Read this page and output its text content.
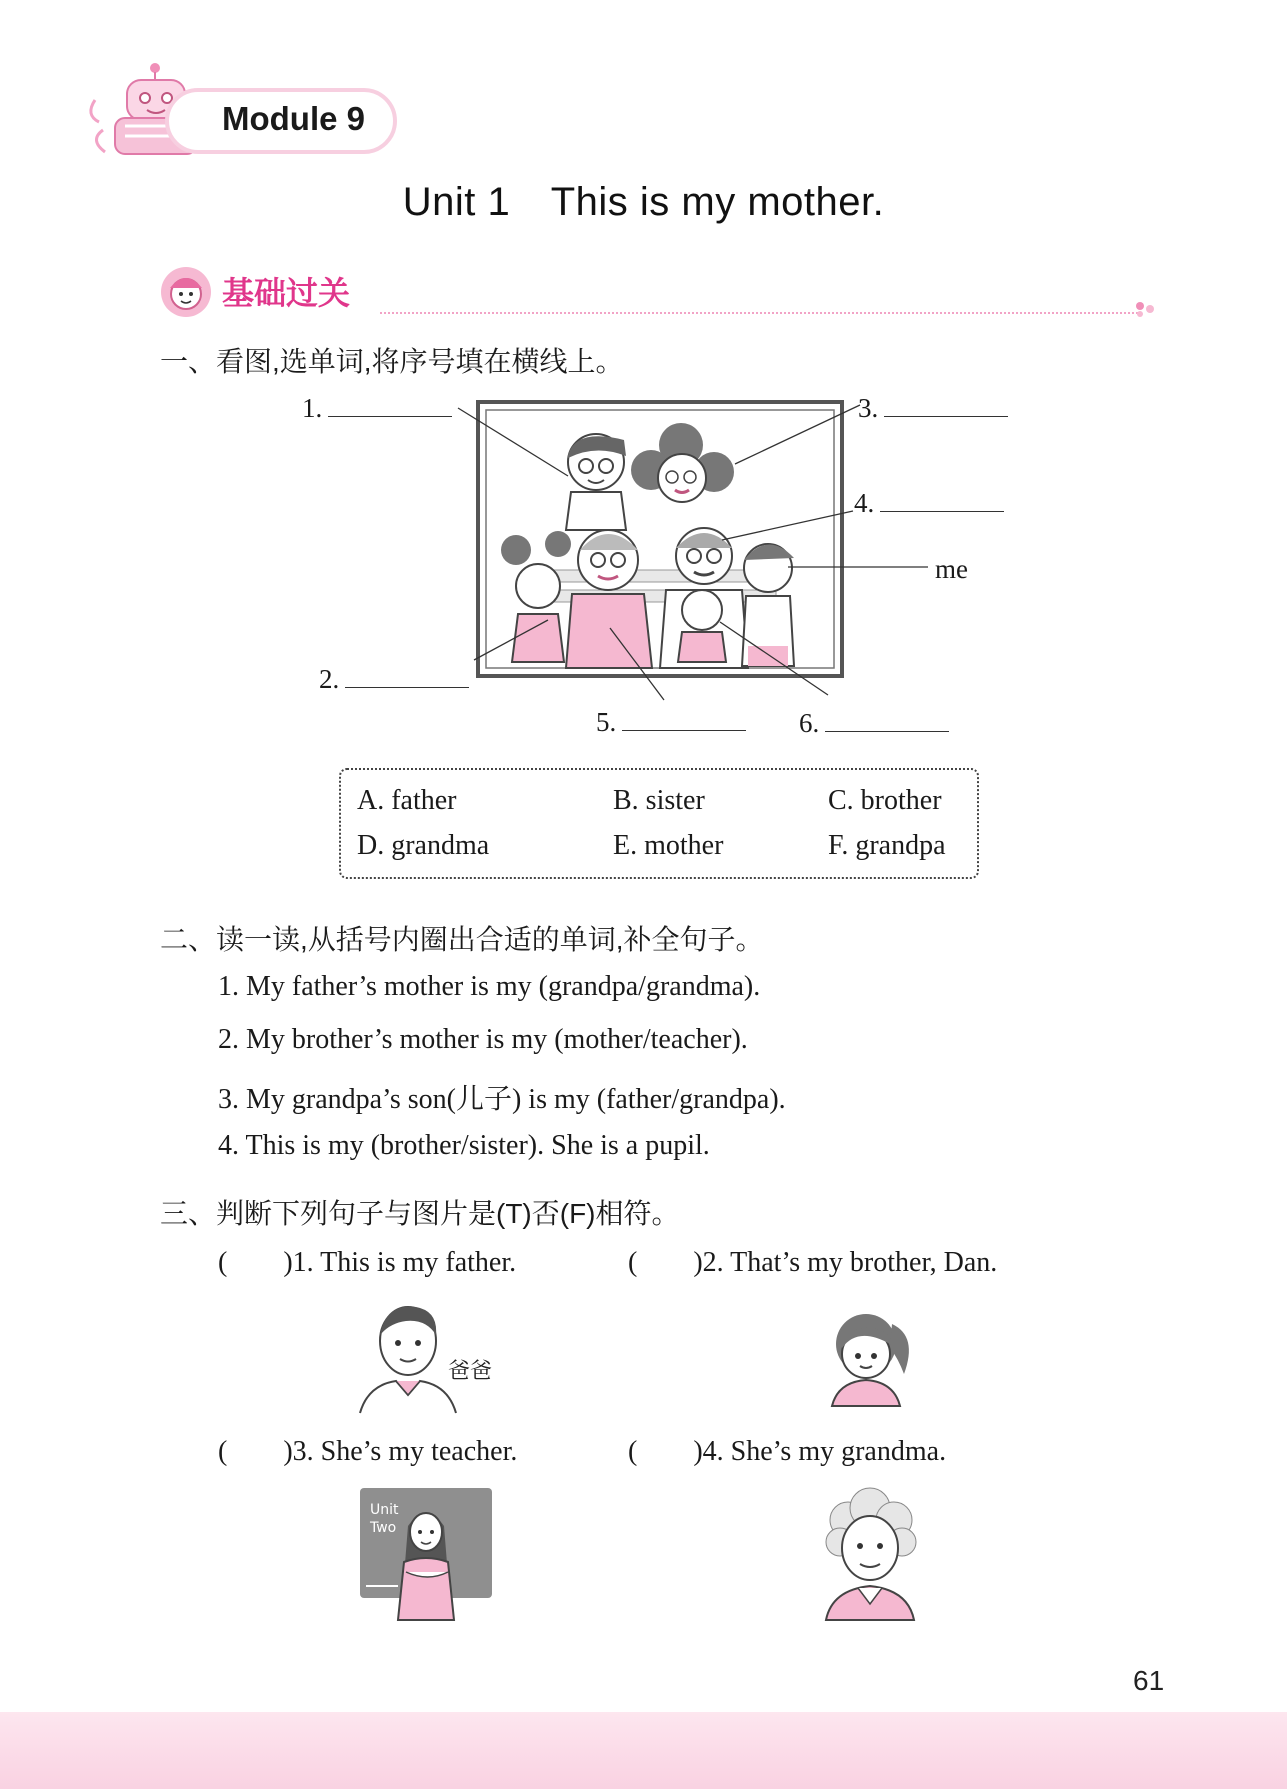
Module 9
Unit 1 This is my mother.
基础过关
一、看图,选单词,将序号填在横线上。
1.	3.
4.
me
2.
5.	6.
A. father	B. sister	C. brother
D. grandma	E. mother	F. grandpa
二、读一读,从括号内圈出合适的单词,补全句子。
1. My father’s mother is my (grandpa/grandma).
2. My brother’s mother is my (mother/teacher).
3. My grandpa’s son(儿子) is my (father/grandpa).
4. This is my (brother/sister). She is a pupil.
三、判断下列句子与图片是(T)否(F)相符。
(  )1. This is my father.	(  )2. That’s my brother, Dan.
(  )3. She’s my teacher.	(  )4. She’s my grandma.
爸爸
Unit
Two
61
